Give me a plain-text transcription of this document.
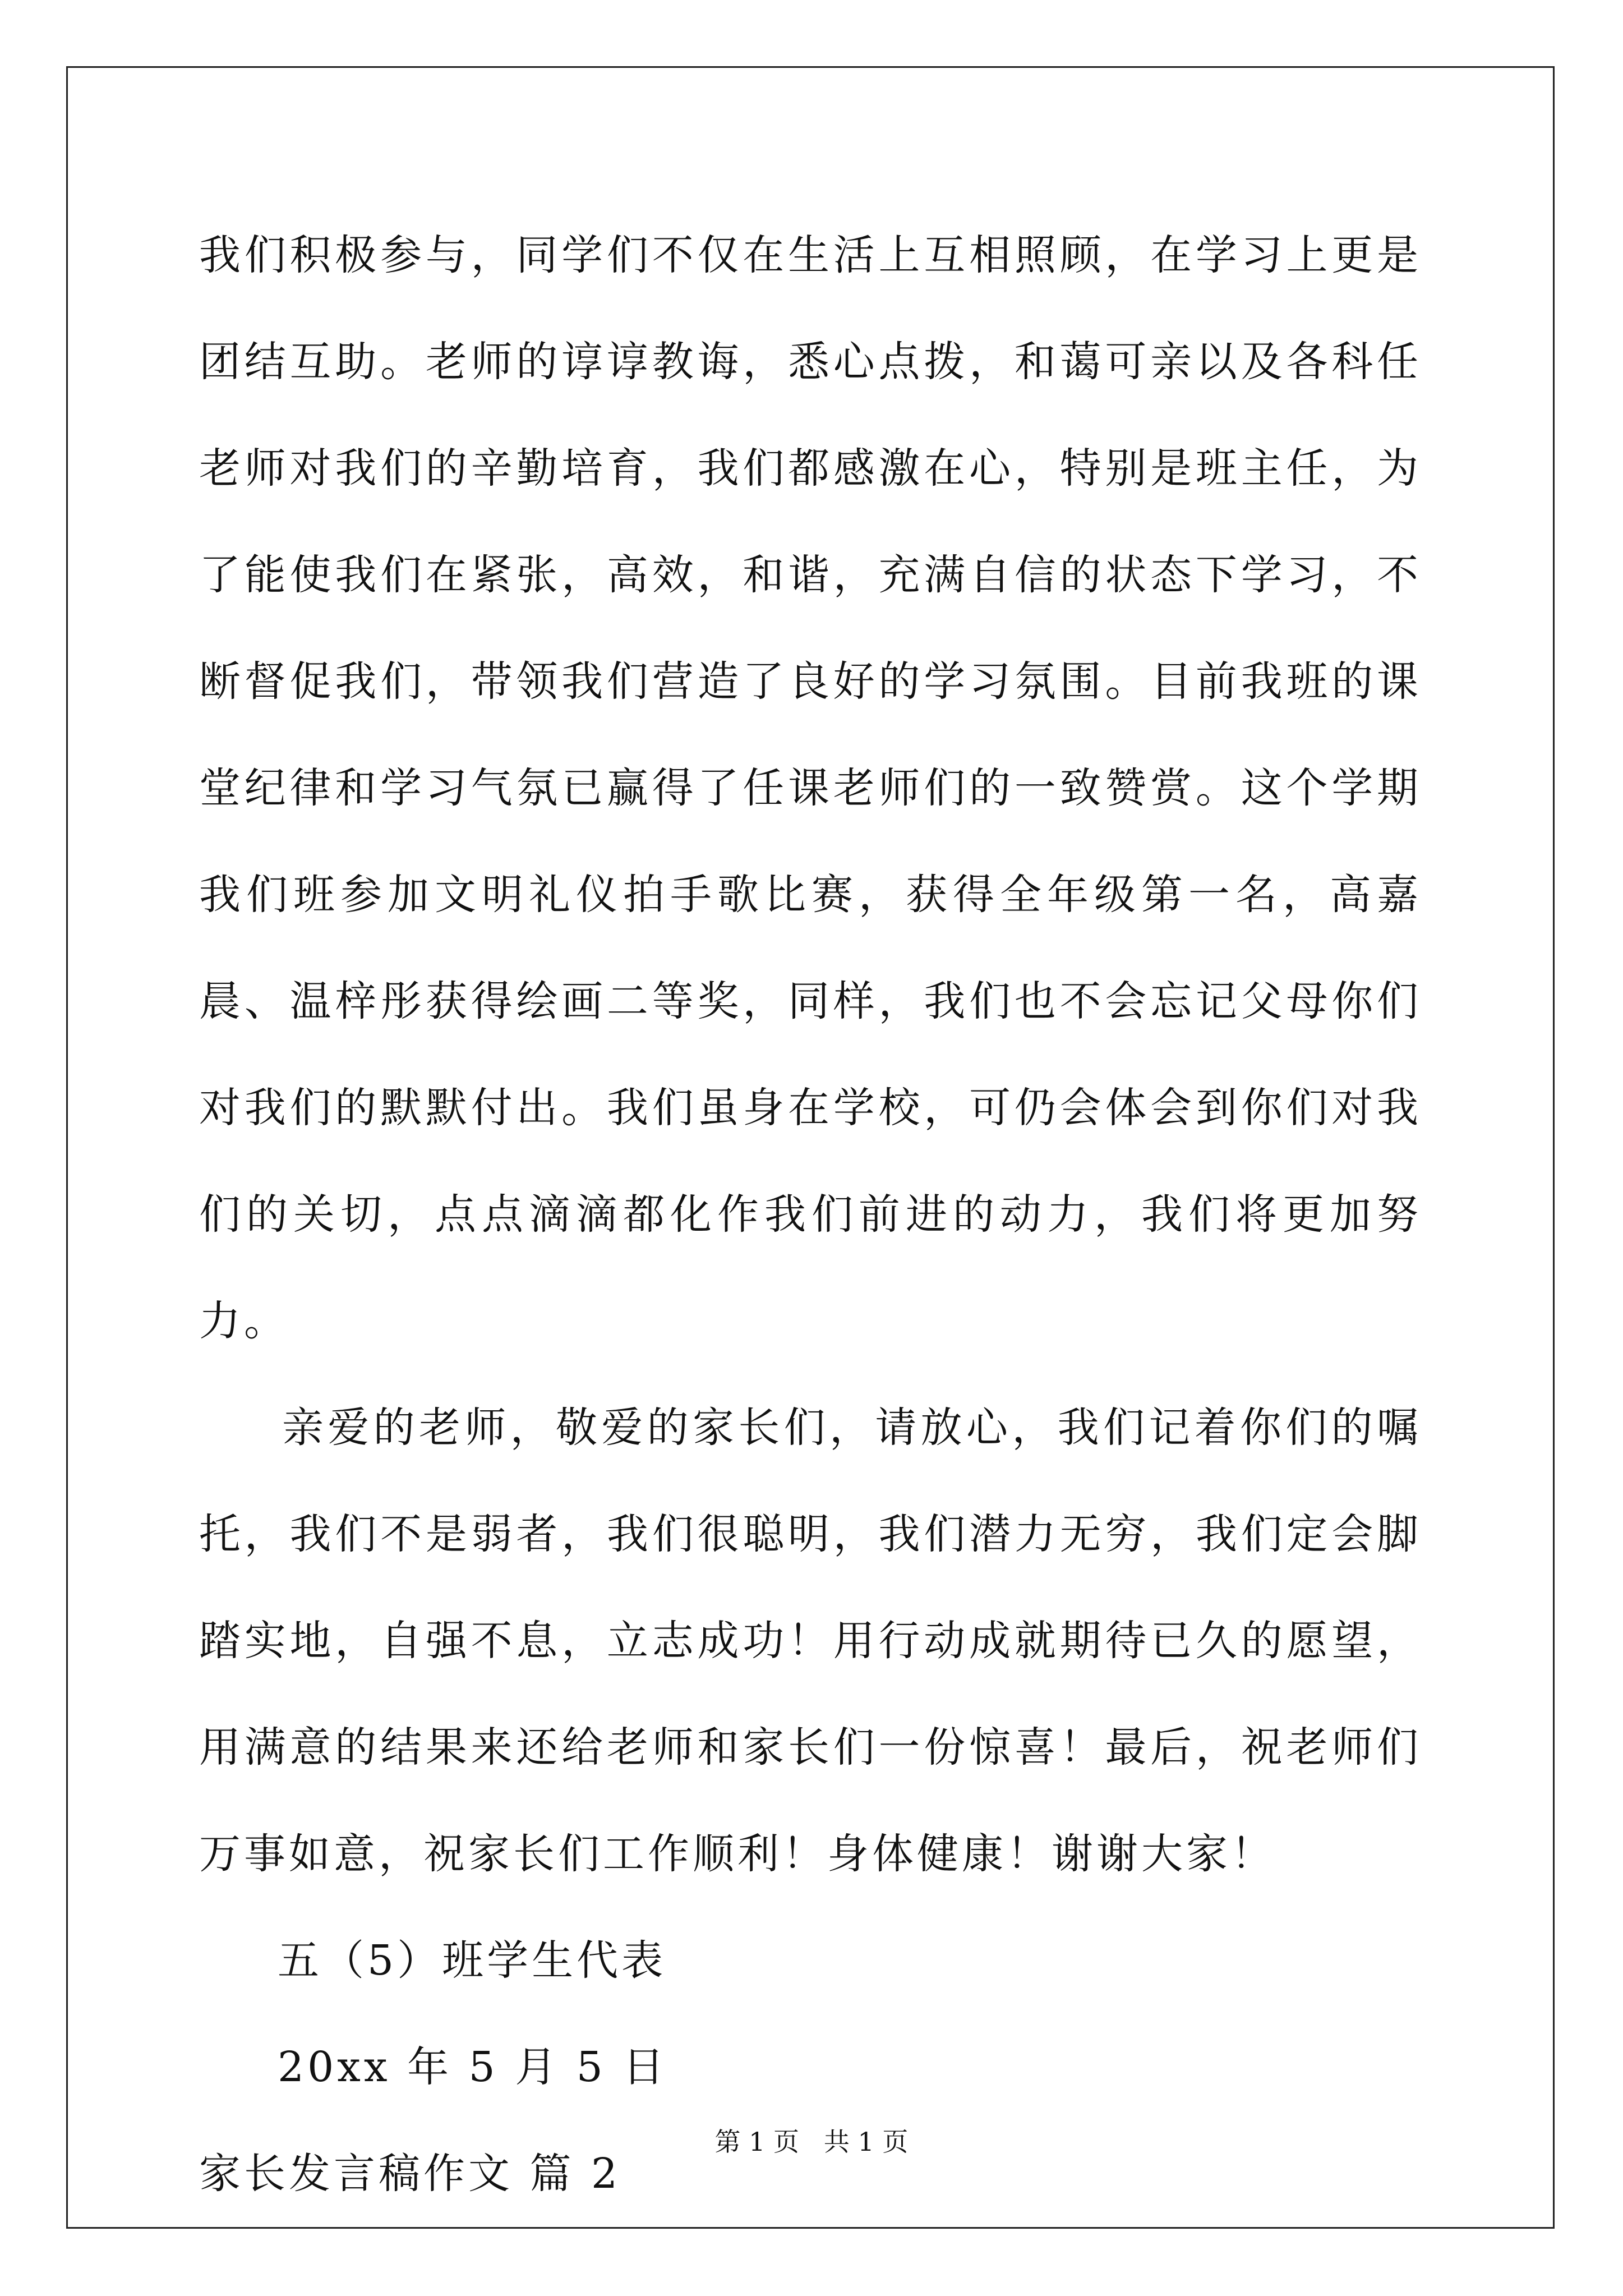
我们积极参与，同学们不仅在生活上互相照顾，在学习上更是团结互助。老师的谆谆教诲，悉心点拨，和蔼可亲以及各科任老师对我们的辛勤培育，我们都感激在心，特别是班主任，为了能使我们在紧张，高效，和谐，充满自信的状态下学习，不断督促我们，带领我们营造了良好的学习氛围。目前我班的课堂纪律和学习气氛已赢得了任课老师们的一致赞赏。这个学期我们班参加文明礼仪拍手歌比赛，获得全年级第一名，高嘉晨、温梓彤获得绘画二等奖，同样，我们也不会忘记父母你们对我们的默默付出。我们虽身在学校，可仍会体会到你们对我们的关切，点点滴滴都化作我们前进的动力，我们将更加努力。

亲爱的老师，敬爱的家长们，请放心，我们记着你们的嘱托，我们不是弱者，我们很聪明，我们潜力无穷，我们定会脚踏实地，自强不息，立志成功！用行动成就期待已久的愿望，用满意的结果来还给老师和家长们一份惊喜！最后，祝老师们万事如意，祝家长们工作顺利！身体健康！谢谢大家！

五（5）班学生代表

20xx 年 5 月 5 日

家长发言稿作文 篇 2

第 1 页   共 1 页
